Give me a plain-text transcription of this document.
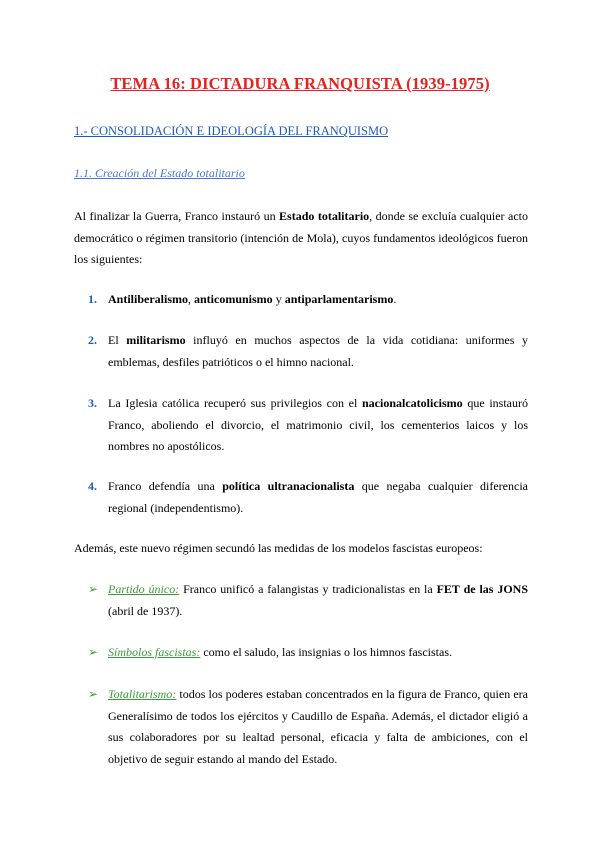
TEMA 16: DICTADURA FRANQUISTA (1939-1975)
1.- CONSOLIDACIÓN E IDEOLOGÍA DEL FRANQUISMO
1.1. Creación del Estado totalitario
Al finalizar la Guerra, Franco instauró un Estado totalitario, donde se excluía cualquier acto democrático o régimen transitorio (intención de Mola), cuyos fundamentos ideológicos fueron los siguientes:
1. Antiliberalismo, anticomunismo y antiparlamentarismo.
2. El militarismo influyó en muchos aspectos de la vida cotidiana: uniformes y emblemas, desfiles patrióticos o el himno nacional.
3. La Iglesia católica recuperó sus privilegios con el nacionalcatolicismo que instauró Franco, aboliendo el divorcio, el matrimonio civil, los cementerios laicos y los nombres no apostólicos.
4. Franco defendía una política ultranacionalista que negaba cualquier diferencia regional (independentismo).
Además, este nuevo régimen secundó las medidas de los modelos fascistas europeos:
➢ Partido único: Franco unificó a falangistas y tradicionalistas en la FET de las JONS (abril de 1937).
➢ Símbolos fascistas: como el saludo, las insignias o los himnos fascistas.
➢ Totalitarismo: todos los poderes estaban concentrados en la figura de Franco, quien era Generalísimo de todos los ejércitos y Caudillo de España. Además, el dictador eligió a sus colaboradores por su lealtad personal, eficacia y falta de ambiciones, con el objetivo de seguir estando al mando del Estado.
